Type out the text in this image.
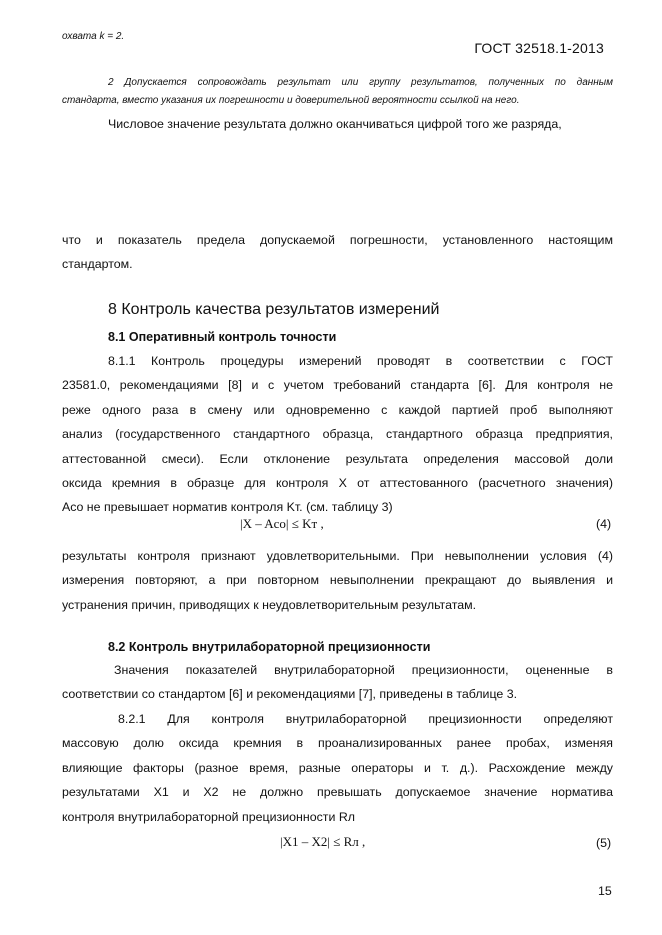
ГОСТ 32518.1-2013
охвата k = 2.
2 Допускается сопровождать результат или группу результатов, полученных по данным
стандарта, вместо указания их погрешности и доверительной вероятности ссылкой на него.
Числовое значение результата должно оканчиваться цифрой того же разряда,
что и показатель предела допускаемой погрешности, установленного настоящим
стандартом.
8 Контроль качества результатов измерений
8.1 Оперативный контроль точности
8.1.1 Контроль процедуры измерений проводят в соответствии с ГОСТ
23581.0, рекомендациями [8] и с учетом требований стандарта [6]. Для контроля не
реже одного раза в смену или одновременно с каждой партией проб выполняют
анализ (государственного стандартного образца, стандартного образца предприятия,
аттестованной смеси). Если отклонение результата определения массовой доли
оксида кремния в образце для контроля X от аттестованного (расчетного значения)
Aco не превышает норматив контроля Kт. (см. таблицу 3)
|X – Aco| ≤ Kт ,	(4)
результаты контроля признают удовлетворительными. При невыполнении условия (4)
измерения повторяют, а при повторном невыполнении прекращают до выявления и
устранения причин, приводящих к неудовлетворительным результатам.
8.2 Контроль внутрилабораторной прецизионности
Значения показателей внутрилабораторной прецизионности, оцененные в
соответствии со стандартом [6] и рекомендациями [7], приведены в таблице 3.
8.2.1 Для контроля внутрилабораторной прецизионности определяют
массовую долю оксида кремния в проанализированных ранее пробах, изменяя
влияющие факторы (разное время, разные операторы и т. д.). Расхождение между
результатами X1 и X2 не должно превышать допускаемое значение норматива
контроля внутрилабораторной прецизионности Rл
|X1 – X2| ≤ Rл ,	(5)
15
